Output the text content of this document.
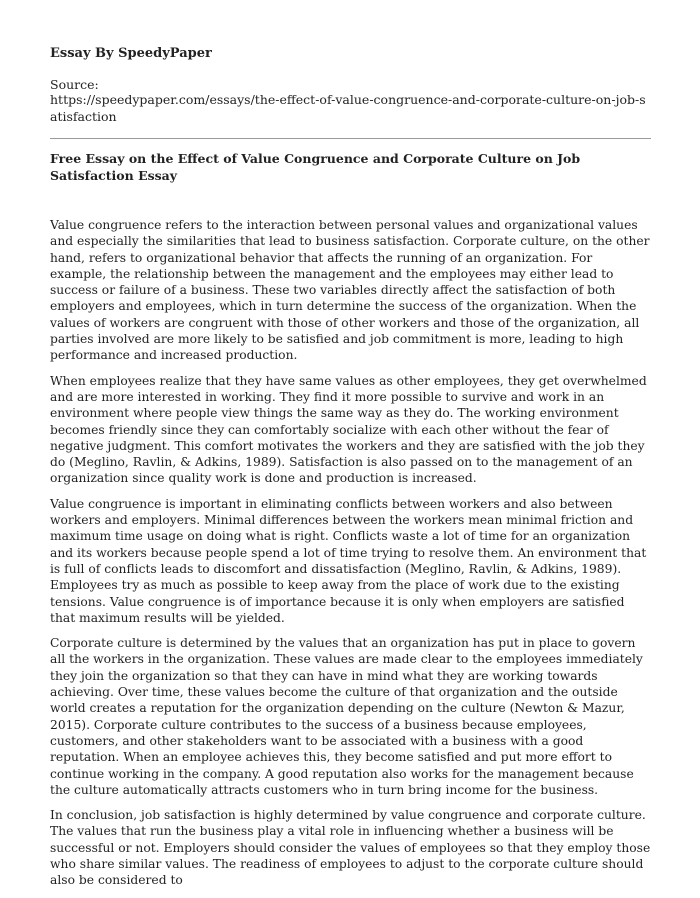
Essay By SpeedyPaper
Source:
https://speedypaper.com/essays/the-effect-of-value-congruence-and-corporate-culture-on-job-satisfaction
Free Essay on the Effect of Value Congruence and Corporate Culture on Job Satisfaction Essay

Value congruence refers to the interaction between personal values and organizational values and especially the similarities that lead to business satisfaction. Corporate culture, on the other hand, refers to organizational behavior that affects the running of an organization. For example, the relationship between the management and the employees may either lead to success or failure of a business. These two variables directly affect the satisfaction of both employers and employees, which in turn determine the success of the organization. When the values of workers are congruent with those of other workers and those of the organization, all parties involved are more likely to be satisfied and job commitment is more, leading to high performance and increased production.

When employees realize that they have same values as other employees, they get overwhelmed and are more interested in working. They find it more possible to survive and work in an environment where people view things the same way as they do. The working environment becomes friendly since they can comfortably socialize with each other without the fear of negative judgment. This comfort motivates the workers and they are satisfied with the job they do (Meglino, Ravlin, & Adkins, 1989). Satisfaction is also passed on to the management of an organization since quality work is done and production is increased.

Value congruence is important in eliminating conflicts between workers and also between workers and employers. Minimal differences between the workers mean minimal friction and maximum time usage on doing what is right. Conflicts waste a lot of time for an organization and its workers because people spend a lot of time trying to resolve them. An environment that is full of conflicts leads to discomfort and dissatisfaction (Meglino, Ravlin, & Adkins, 1989). Employees try as much as possible to keep away from the place of work due to the existing tensions. Value congruence is of importance because it is only when employers are satisfied that maximum results will be yielded.

Corporate culture is determined by the values that an organization has put in place to govern all the workers in the organization. These values are made clear to the employees immediately they join the organization so that they can have in mind what they are working towards achieving. Over time, these values become the culture of that organization and the outside world creates a reputation for the organization depending on the culture (Newton & Mazur, 2015). Corporate culture contributes to the success of a business because employees, customers, and other stakeholders want to be associated with a business with a good reputation. When an employee achieves this, they become satisfied and put more effort to continue working in the company. A good reputation also works for the management because the culture automatically attracts customers who in turn bring income for the business.

In conclusion, job satisfaction is highly determined by value congruence and corporate culture. The values that run the business play a vital role in influencing whether a business will be successful or not. Employers should consider the values of employees so that they employ those who share similar values. The readiness of employees to adjust to the corporate culture should also be considered to
